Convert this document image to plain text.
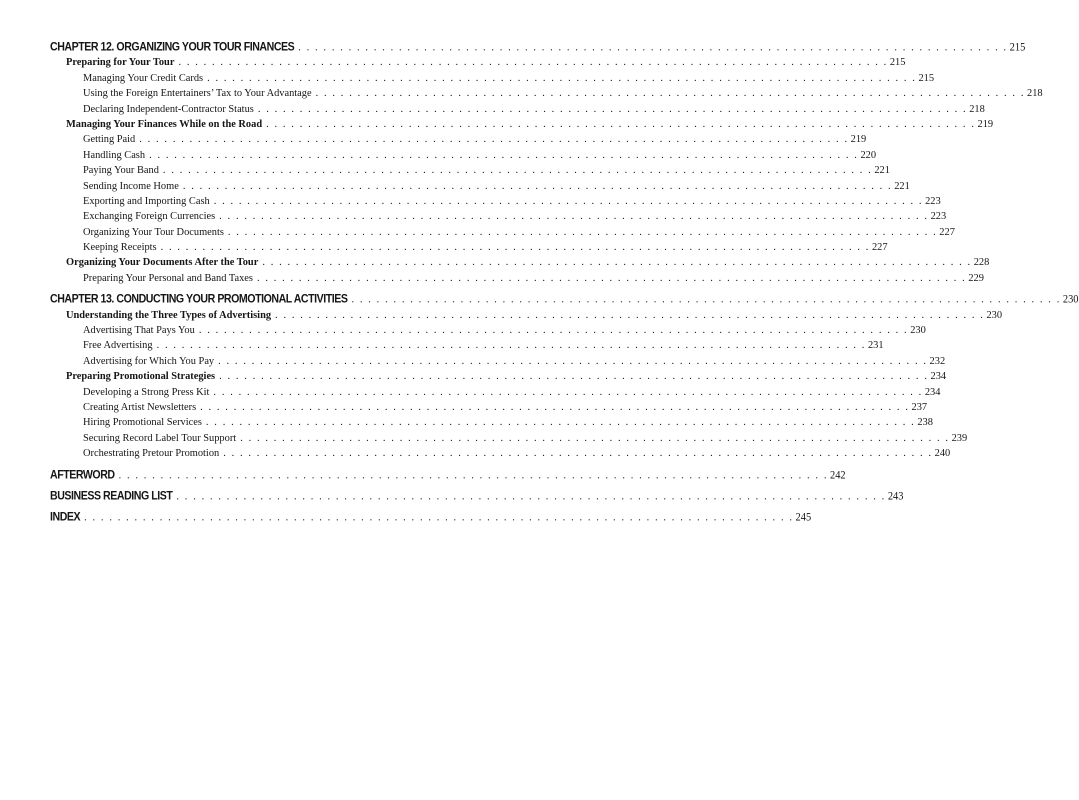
CHAPTER 12. ORGANIZING YOUR TOUR FINANCES . . . . . . . . . . . . . . . . . . . . . . . . . . . . . . . . . . . . . . . . . . . . . . . . . . . . . . . . . . . . . . . . . . . . . . . . . . . . . . . . . . . . . 215
Preparing for Your Tour . . . . . . . . . . . . . . . . . . . . . . . . . . . . . . . . . . . . . . . . . . . . . . . . . . . . . . . . . . . . . . . . . . . . . . . . . . . . . . . . . . . . . 215
Managing Your Credit Cards . . . . . . . . . . . . . . . . . . . . . . . . . . . . . . . . . . . . . . . . . . . . . . . . . . . . . . . . . . . . . . . . . . . . . . . . . . . . . . . . . . . . . 215
Using the Foreign Entertainers’ Tax to Your Advantage . . . . . . . . . . . . . . . . . . . . . . . . . . . . . . . . . . . . . . . . . . . . . . . . . . . . . . . . . . . . . . . . . . . . . . . . . . . . . . . . . . . . . 218
Declaring Independent-Contractor Status . . . . . . . . . . . . . . . . . . . . . . . . . . . . . . . . . . . . . . . . . . . . . . . . . . . . . . . . . . . . . . . . . . . . . . . . . . . . . . . . . . . . . 218
Managing Your Finances While on the Road . . . . . . . . . . . . . . . . . . . . . . . . . . . . . . . . . . . . . . . . . . . . . . . . . . . . . . . . . . . . . . . . . . . . . . . . . . . . . . . . . . . . . 219
Getting Paid . . . . . . . . . . . . . . . . . . . . . . . . . . . . . . . . . . . . . . . . . . . . . . . . . . . . . . . . . . . . . . . . . . . . . . . . . . . . . . . . . . . . . 219
Handling Cash . . . . . . . . . . . . . . . . . . . . . . . . . . . . . . . . . . . . . . . . . . . . . . . . . . . . . . . . . . . . . . . . . . . . . . . . . . . . . . . . . . . . . 220
Paying Your Band . . . . . . . . . . . . . . . . . . . . . . . . . . . . . . . . . . . . . . . . . . . . . . . . . . . . . . . . . . . . . . . . . . . . . . . . . . . . . . . . . . . . . 221
Sending Income Home . . . . . . . . . . . . . . . . . . . . . . . . . . . . . . . . . . . . . . . . . . . . . . . . . . . . . . . . . . . . . . . . . . . . . . . . . . . . . . . . . . . . . 221
Exporting and Importing Cash . . . . . . . . . . . . . . . . . . . . . . . . . . . . . . . . . . . . . . . . . . . . . . . . . . . . . . . . . . . . . . . . . . . . . . . . . . . . . . . . . . . . . 223
Exchanging Foreign Currencies . . . . . . . . . . . . . . . . . . . . . . . . . . . . . . . . . . . . . . . . . . . . . . . . . . . . . . . . . . . . . . . . . . . . . . . . . . . . . . . . . . . . . 223
Organizing Your Tour Documents . . . . . . . . . . . . . . . . . . . . . . . . . . . . . . . . . . . . . . . . . . . . . . . . . . . . . . . . . . . . . . . . . . . . . . . . . . . . . . . . . . . . . 227
Keeping Receipts . . . . . . . . . . . . . . . . . . . . . . . . . . . . . . . . . . . . . . . . . . . . . . . . . . . . . . . . . . . . . . . . . . . . . . . . . . . . . . . . . . . . . 227
Organizing Your Documents After the Tour . . . . . . . . . . . . . . . . . . . . . . . . . . . . . . . . . . . . . . . . . . . . . . . . . . . . . . . . . . . . . . . . . . . . . . . . . . . . . . . . . . . . . 228
Preparing Your Personal and Band Taxes . . . . . . . . . . . . . . . . . . . . . . . . . . . . . . . . . . . . . . . . . . . . . . . . . . . . . . . . . . . . . . . . . . . . . . . . . . . . . . . . . . . . . 229
CHAPTER 13. CONDUCTING YOUR PROMOTIONAL ACTIVITIES . . . . . . . . . . . . . . . . . . . . . . . . . . . . . . . . . . . . . . . . . . . . . . . . . . . . . . . . . . . . . . . . . . . . . . . . . . . . . . . . . . . . . 230
Understanding the Three Types of Advertising . . . . . . . . . . . . . . . . . . . . . . . . . . . . . . . . . . . . . . . . . . . . . . . . . . . . . . . . . . . . . . . . . . . . . . . . . . . . . . . . . . . . . 230
Advertising That Pays You . . . . . . . . . . . . . . . . . . . . . . . . . . . . . . . . . . . . . . . . . . . . . . . . . . . . . . . . . . . . . . . . . . . . . . . . . . . . . . . . . . . . . 230
Free Advertising . . . . . . . . . . . . . . . . . . . . . . . . . . . . . . . . . . . . . . . . . . . . . . . . . . . . . . . . . . . . . . . . . . . . . . . . . . . . . . . . . . . . . 231
Advertising for Which You Pay . . . . . . . . . . . . . . . . . . . . . . . . . . . . . . . . . . . . . . . . . . . . . . . . . . . . . . . . . . . . . . . . . . . . . . . . . . . . . . . . . . . . . 232
Preparing Promotional Strategies . . . . . . . . . . . . . . . . . . . . . . . . . . . . . . . . . . . . . . . . . . . . . . . . . . . . . . . . . . . . . . . . . . . . . . . . . . . . . . . . . . . . . 234
Developing a Strong Press Kit . . . . . . . . . . . . . . . . . . . . . . . . . . . . . . . . . . . . . . . . . . . . . . . . . . . . . . . . . . . . . . . . . . . . . . . . . . . . . . . . . . . . . 234
Creating Artist Newsletters . . . . . . . . . . . . . . . . . . . . . . . . . . . . . . . . . . . . . . . . . . . . . . . . . . . . . . . . . . . . . . . . . . . . . . . . . . . . . . . . . . . . . 237
Hiring Promotional Services . . . . . . . . . . . . . . . . . . . . . . . . . . . . . . . . . . . . . . . . . . . . . . . . . . . . . . . . . . . . . . . . . . . . . . . . . . . . . . . . . . . . . 238
Securing Record Label Tour Support . . . . . . . . . . . . . . . . . . . . . . . . . . . . . . . . . . . . . . . . . . . . . . . . . . . . . . . . . . . . . . . . . . . . . . . . . . . . . . . . . . . . . 239
Orchestrating Pretour Promotion . . . . . . . . . . . . . . . . . . . . . . . . . . . . . . . . . . . . . . . . . . . . . . . . . . . . . . . . . . . . . . . . . . . . . . . . . . . . . . . . . . . . . 240
AFTERWORD . . . . . . . . . . . . . . . . . . . . . . . . . . . . . . . . . . . . . . . . . . . . . . . . . . . . . . . . . . . . . . . . . . . . . . . . . . . . . . . . . . . . . 242
BUSINESS READING LIST . . . . . . . . . . . . . . . . . . . . . . . . . . . . . . . . . . . . . . . . . . . . . . . . . . . . . . . . . . . . . . . . . . . . . . . . . . . . . . . . . . . . . 243
INDEX . . . . . . . . . . . . . . . . . . . . . . . . . . . . . . . . . . . . . . . . . . . . . . . . . . . . . . . . . . . . . . . . . . . . . . . . . . . . . . . . . . . . . 245
